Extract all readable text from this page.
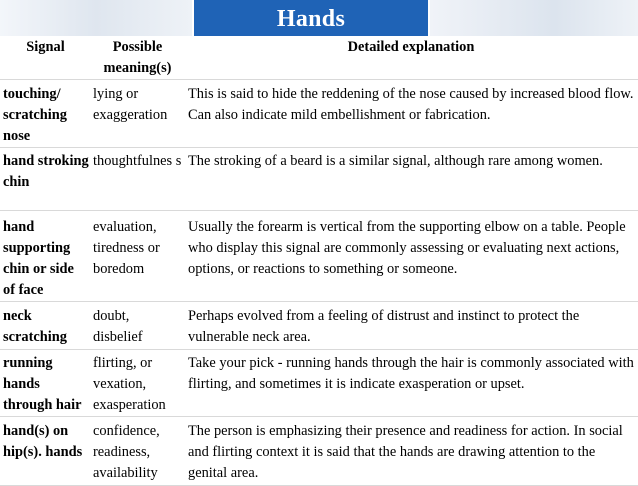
Hands
Signal	Possible meaning(s)	Detailed explanation
touching/ scratching nose	lying or exaggeration	This is said to hide the reddening of the nose caused by increased blood flow. Can also indicate mild embellishment or fabrication.
hand stroking chin	thoughtfulnes s	The stroking of a beard is a similar signal, although rare among women.
hand supporting chin or side of face	evaluation, tiredness or boredom	Usually the forearm is vertical from the supporting elbow on a table. People who display this signal are commonly assessing or evaluating next actions, options, or reactions to something or someone.
neck scratching	doubt, disbelief	Perhaps evolved from a feeling of distrust and instinct to protect the vulnerable neck area.
running hands through hair	flirting, or vexation, exasperation	Take your pick - running hands through the hair is commonly associated with flirting, and sometimes it is indicate exasperation or upset.
hand(s) on hip(s). hands	confidence, readiness, availability	The person is emphasizing their presence and readiness for action. In social and flirting context it is said that the hands are drawing attention to the genital area.
